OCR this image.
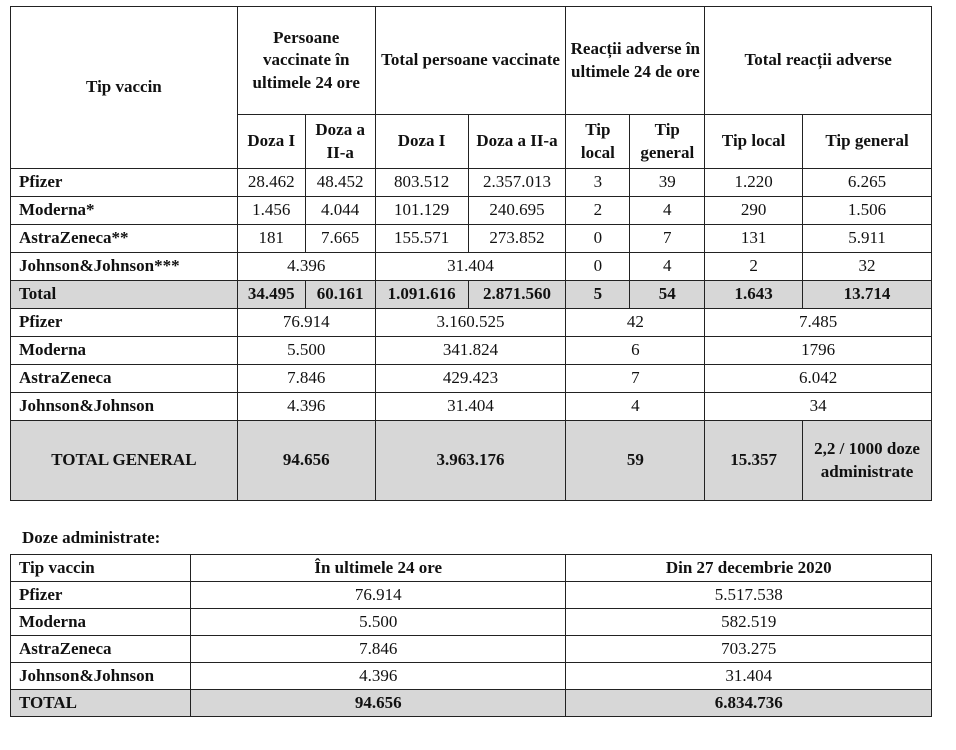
Tip vaccin	Persoane vaccinate în ultimele 24 ore		Total persoane vaccinate		Reacții adverse în ultimele 24 de ore		Total reacții adverse	
	Doza I	Doza a II-a	Doza I	Doza a II-a	Tip local	Tip general	Tip local	Tip general
Pfizer	28.462	48.452	803.512	2.357.013	3	39	1.220	6.265
Moderna*	1.456	4.044	101.129	240.695	2	4	290	1.506
AstraZeneca**	181	7.665	155.571	273.852	0	7	131	5.911
Johnson&Johnson***	4.396		31.404		0	4	2	32
Total	34.495	60.161	1.091.616	2.871.560	5	54	1.643	13.714
Pfizer	76.914		3.160.525		42		7.485	
Moderna	5.500		341.824		6		1796	
AstraZeneca	7.846		429.423		7		6.042	
Johnson&Johnson	4.396		31.404		4		34	
TOTAL GENERAL	94.656		3.963.176		59		15.357	2,2 / 1000 doze administrate
Doze administrate:
Tip vaccin	În ultimele 24 ore	Din 27 decembrie 2020
Pfizer	76.914	5.517.538
Moderna	5.500	582.519
AstraZeneca	7.846	703.275
Johnson&Johnson	4.396	31.404
TOTAL	94.656	6.834.736
